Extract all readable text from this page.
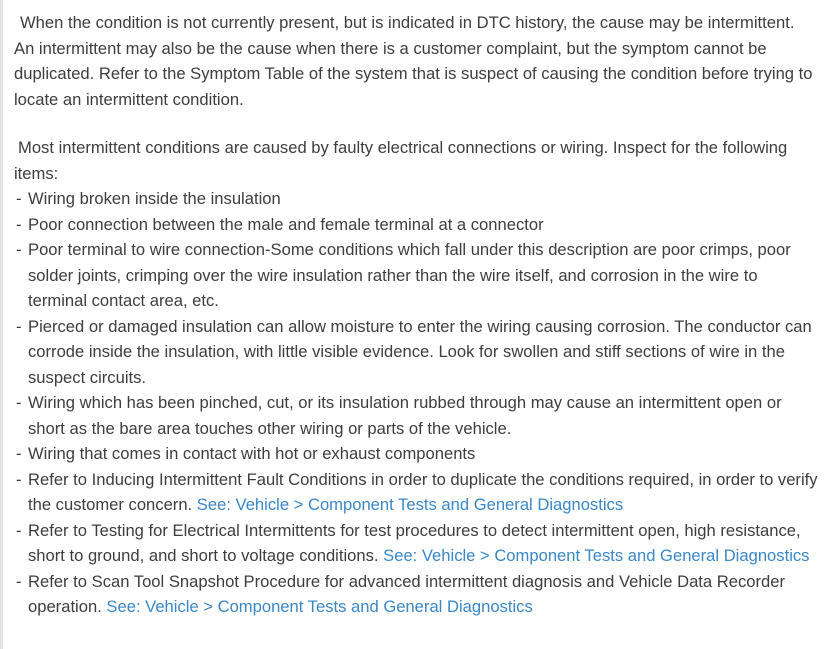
When the condition is not currently present, but is indicated in DTC history, the cause may be intermittent. An intermittent may also be the cause when there is a customer complaint, but the symptom cannot be duplicated. Refer to the Symptom Table of the system that is suspect of causing the condition before trying to locate an intermittent condition.

Most intermittent conditions are caused by faulty electrical connections or wiring. Inspect for the following items:

- Wiring broken inside the insulation
- Poor connection between the male and female terminal at a connector
- Poor terminal to wire connection-Some conditions which fall under this description are poor crimps, poor solder joints, crimping over the wire insulation rather than the wire itself, and corrosion in the wire to terminal contact area, etc.
- Pierced or damaged insulation can allow moisture to enter the wiring causing corrosion. The conductor can corrode inside the insulation, with little visible evidence. Look for swollen and stiff sections of wire in the suspect circuits.
- Wiring which has been pinched, cut, or its insulation rubbed through may cause an intermittent open or short as the bare area touches other wiring or parts of the vehicle.
- Wiring that comes in contact with hot or exhaust components
- Refer to Inducing Intermittent Fault Conditions in order to duplicate the conditions required, in order to verify the customer concern. See: Vehicle > Component Tests and General Diagnostics
- Refer to Testing for Electrical Intermittents for test procedures to detect intermittent open, high resistance, short to ground, and short to voltage conditions. See: Vehicle > Component Tests and General Diagnostics
- Refer to Scan Tool Snapshot Procedure for advanced intermittent diagnosis and Vehicle Data Recorder operation. See: Vehicle > Component Tests and General Diagnostics
